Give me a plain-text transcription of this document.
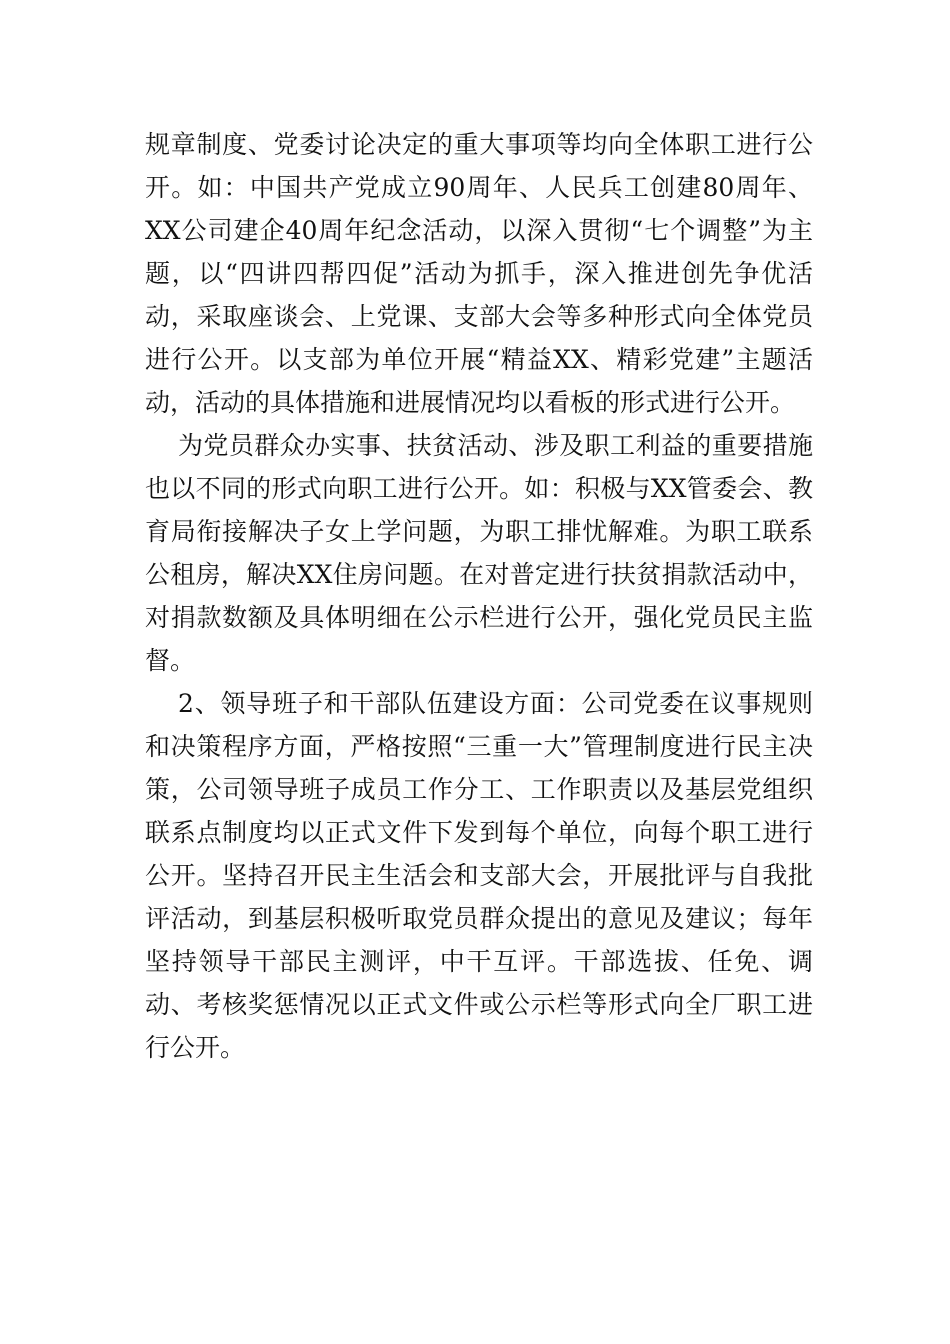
规章制度、党委讨论决定的重大事项等均向全体职工进行公开。如：中国共产党成立90周年、人民兵工创建80周年、XX公司建企40周年纪念活动，以深入贯彻“七个调整”为主题，以“四讲四帮四促”活动为抓手，深入推进创先争优活动，采取座谈会、上党课、支部大会等多种形式向全体党员进行公开。以支部为单位开展“精益XX、精彩党建”主题活动，活动的具体措施和进展情况均以看板的形式进行公开。

为党员群众办实事、扶贫活动、涉及职工利益的重要措施也以不同的形式向职工进行公开。如：积极与XX管委会、教育局衔接解决子女上学问题，为职工排忧解难。为职工联系公租房，解决XX住房问题。在对普定进行扶贫捐款活动中，对捐款数额及具体明细在公示栏进行公开，强化党员民主监督。

2、领导班子和干部队伍建设方面：公司党委在议事规则和决策程序方面，严格按照“三重一大”管理制度进行民主决策，公司领导班子成员工作分工、工作职责以及基层党组织联系点制度均以正式文件下发到每个单位，向每个职工进行公开。坚持召开民主生活会和支部大会，开展批评与自我批评活动，到基层积极听取党员群众提出的意见及建议；每年坚持领导干部民主测评，中干互评。干部选拔、任免、调动、考核奖惩情况以正式文件或公示栏等形式向全厂职工进行公开。
